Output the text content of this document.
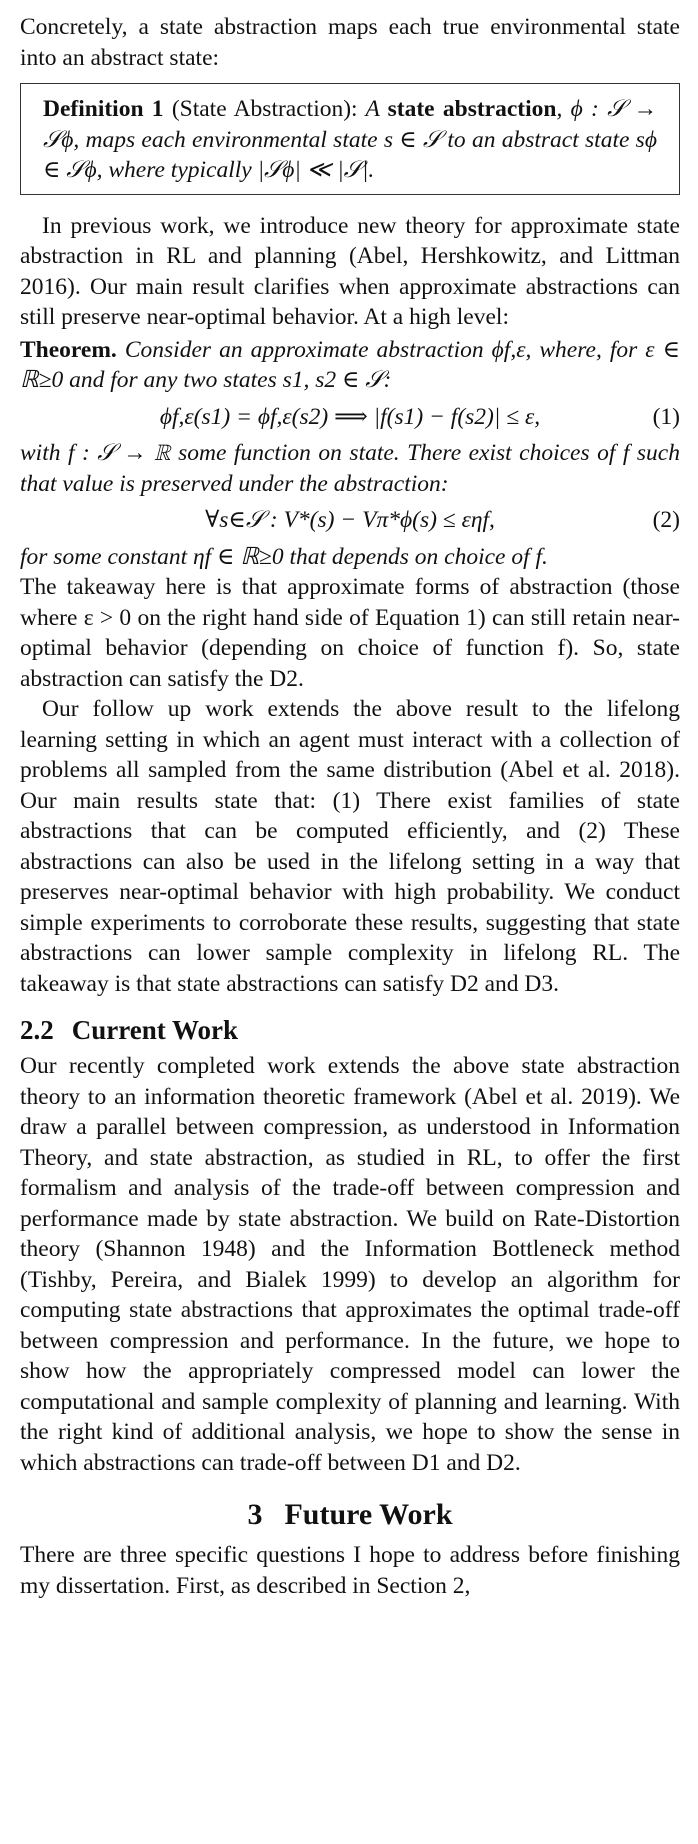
Concretely, a state abstraction maps each true environmental state into an abstract state:

Definition 1 (State Abstraction): A state abstraction, ϕ : 𝒮 → 𝒮ϕ, maps each environmental state s ∈ 𝒮 to an abstract state sϕ ∈ 𝒮ϕ, where typically |𝒮ϕ| ≪ |𝒮|.

In previous work, we introduce new theory for approximate state abstraction in RL and planning (Abel, Hershkowitz, and Littman 2016). Our main result clarifies when approximate abstractions can still preserve near-optimal behavior. At a high level:

Theorem. Consider an approximate abstraction ϕf,ε, where, for ε ∈ ℝ≥0 and for any two states s1, s2 ∈ 𝒮:

ϕf,ε(s1) = ϕf,ε(s2) ⟹ |f(s1) − f(s2)| ≤ ε,	(1)

with f : 𝒮 → ℝ some function on state. There exist choices of f such that value is preserved under the abstraction:

∀s∈𝒮 : V*(s) − Vπ*ϕ(s) ≤ εηf,	(2)

for some constant ηf ∈ ℝ≥0 that depends on choice of f.

The takeaway here is that approximate forms of abstraction (those where ε > 0 on the right hand side of Equation 1) can still retain near-optimal behavior (depending on choice of function f). So, state abstraction can satisfy the D2.

Our follow up work extends the above result to the lifelong learning setting in which an agent must interact with a collection of problems all sampled from the same distribution (Abel et al. 2018). Our main results state that: (1) There exist families of state abstractions that can be computed efficiently, and (2) These abstractions can also be used in the lifelong setting in a way that preserves near-optimal behavior with high probability. We conduct simple experiments to corroborate these results, suggesting that state abstractions can lower sample complexity in lifelong RL. The takeaway is that state abstractions can satisfy D2 and D3.

2.2 Current Work

Our recently completed work extends the above state abstraction theory to an information theoretic framework (Abel et al. 2019). We draw a parallel between compression, as understood in Information Theory, and state abstraction, as studied in RL, to offer the first formalism and analysis of the trade-off between compression and performance made by state abstraction. We build on Rate-Distortion theory (Shannon 1948) and the Information Bottleneck method (Tishby, Pereira, and Bialek 1999) to develop an algorithm for computing state abstractions that approximates the optimal trade-off between compression and performance. In the future, we hope to show how the appropriately compressed model can lower the computational and sample complexity of planning and learning. With the right kind of additional analysis, we hope to show the sense in which abstractions can trade-off between D1 and D2.

3 Future Work

There are three specific questions I hope to address before finishing my dissertation. First, as described in Section 2,
